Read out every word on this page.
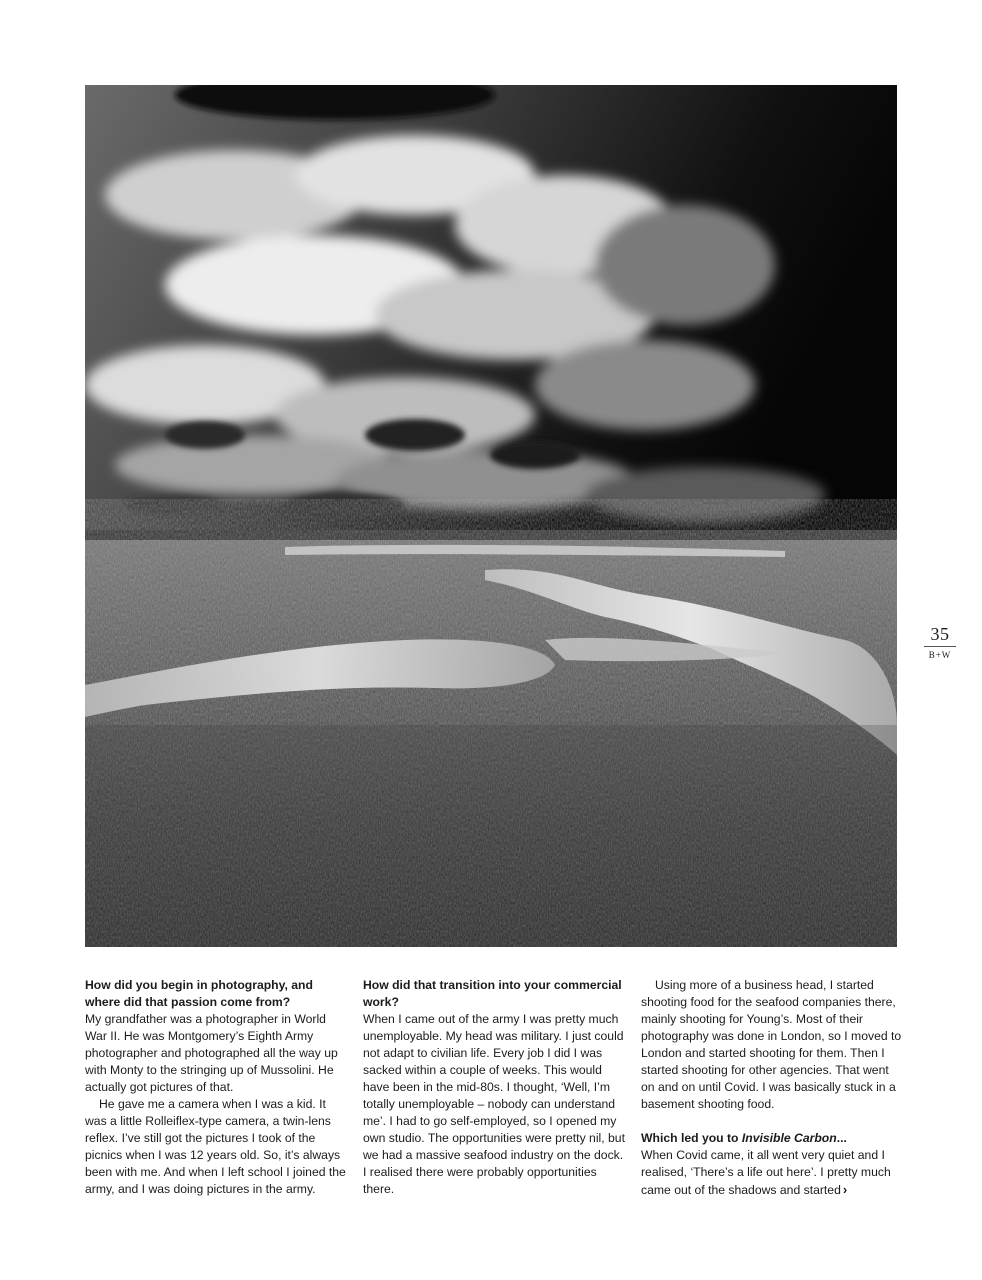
35
B+W

How did you begin in photography, and where did that passion come from?

My grandfather was a photographer in World War II. He was Montgomery’s Eighth Army photographer and photographed all the way up with Monty to the stringing up of Mussolini. He actually got pictures of that.

He gave me a camera when I was a kid. It was a little Rolleiflex-type camera, a twin-lens reflex. I’ve still got the pictures I took of the picnics when I was 12 years old. So, it’s always been with me. And when I left school I joined the army, and I was doing pictures in the army.

How did that transition into your commercial work?

When I came out of the army I was pretty much unemployable. My head was military. I just could not adapt to civilian life. Every job I did I was sacked within a couple of weeks. This would have been in the mid-80s. I thought, ‘Well, I’m totally unemployable – nobody can understand me’. I had to go self-employed, so I opened my own studio. The opportunities were pretty nil, but we had a massive seafood industry on the dock. I realised there were probably opportunities there.

Using more of a business head, I started shooting food for the seafood companies there, mainly shooting for Young’s. Most of their photography was done in London, so I moved to London and started shooting for them. Then I started shooting for other agencies. That went on and on until Covid. I was basically stuck in a basement shooting food.

Which led you to Invisible Carbon...

When Covid came, it all went very quiet and I realised, ‘There’s a life out here’. I pretty much came out of the shadows and started ›
